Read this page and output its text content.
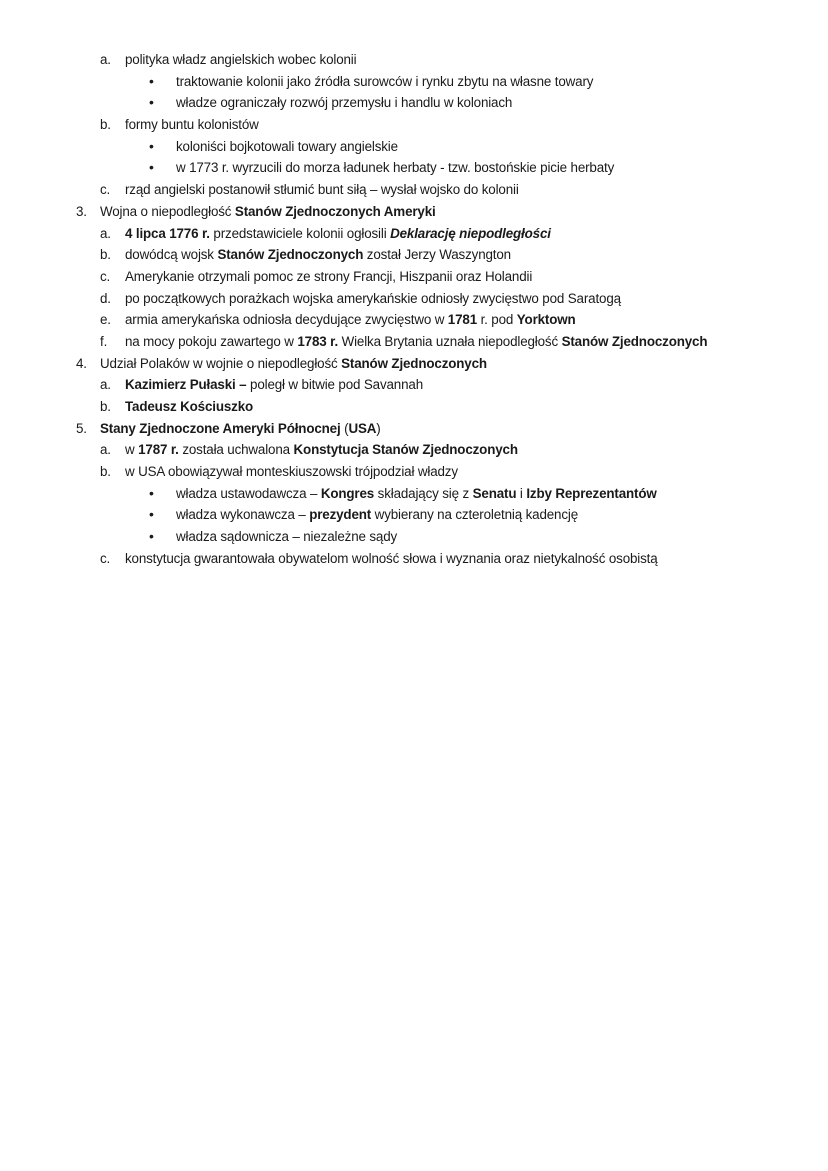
a. polityka władz angielskich wobec kolonii
• traktowanie kolonii jako źródła surowców i rynku zbytu na własne towary
• władze ograniczały rozwój przemysłu i handlu w koloniach
b. formy buntu kolonistów
• koloniści bojkotowali towary angielskie
• w 1773 r. wyrzucili do morza ładunek herbaty - tzw. bostońskie picie herbaty
c. rząd angielski postanowił stłumić bunt siłą – wysłał wojsko do kolonii
3. Wojna o niepodległość Stanów Zjednoczonych Ameryki
a. 4 lipca 1776 r. przedstawiciele kolonii ogłosili Deklarację niepodległości
b. dowódcą wojsk Stanów Zjednoczonych został Jerzy Waszyngton
c. Amerykanie otrzymali pomoc ze strony Francji, Hiszpanii oraz Holandii
d. po początkowych porażkach wojska amerykańskie odniosły zwycięstwo pod Saratogą
e. armia amerykańska odniosła decydujące zwycięstwo w 1781 r. pod Yorktown
f. na mocy pokoju zawartego w 1783 r. Wielka Brytania uznała niepodległość Stanów Zjednoczonych
4. Udział Polaków w wojnie o niepodległość Stanów Zjednoczonych
a. Kazimierz Pułaski – poległ w bitwie pod Savannah
b. Tadeusz Kościuszko
5. Stany Zjednoczone Ameryki Północnej (USA)
a. w 1787 r. została uchwalona Konstytucja Stanów Zjednoczonych
b. w USA obowiązywał monteskiuszowski trójpodział władzy
• władza ustawodawcza – Kongres składający się z Senatu i Izby Reprezentantów
• władza wykonawcza – prezydent wybierany na czteroletnią kadencję
• władza sądownicza – niezależne sądy
c. konstytucja gwarantowała obywatelom wolność słowa i wyznania oraz nietykalność osobistą
